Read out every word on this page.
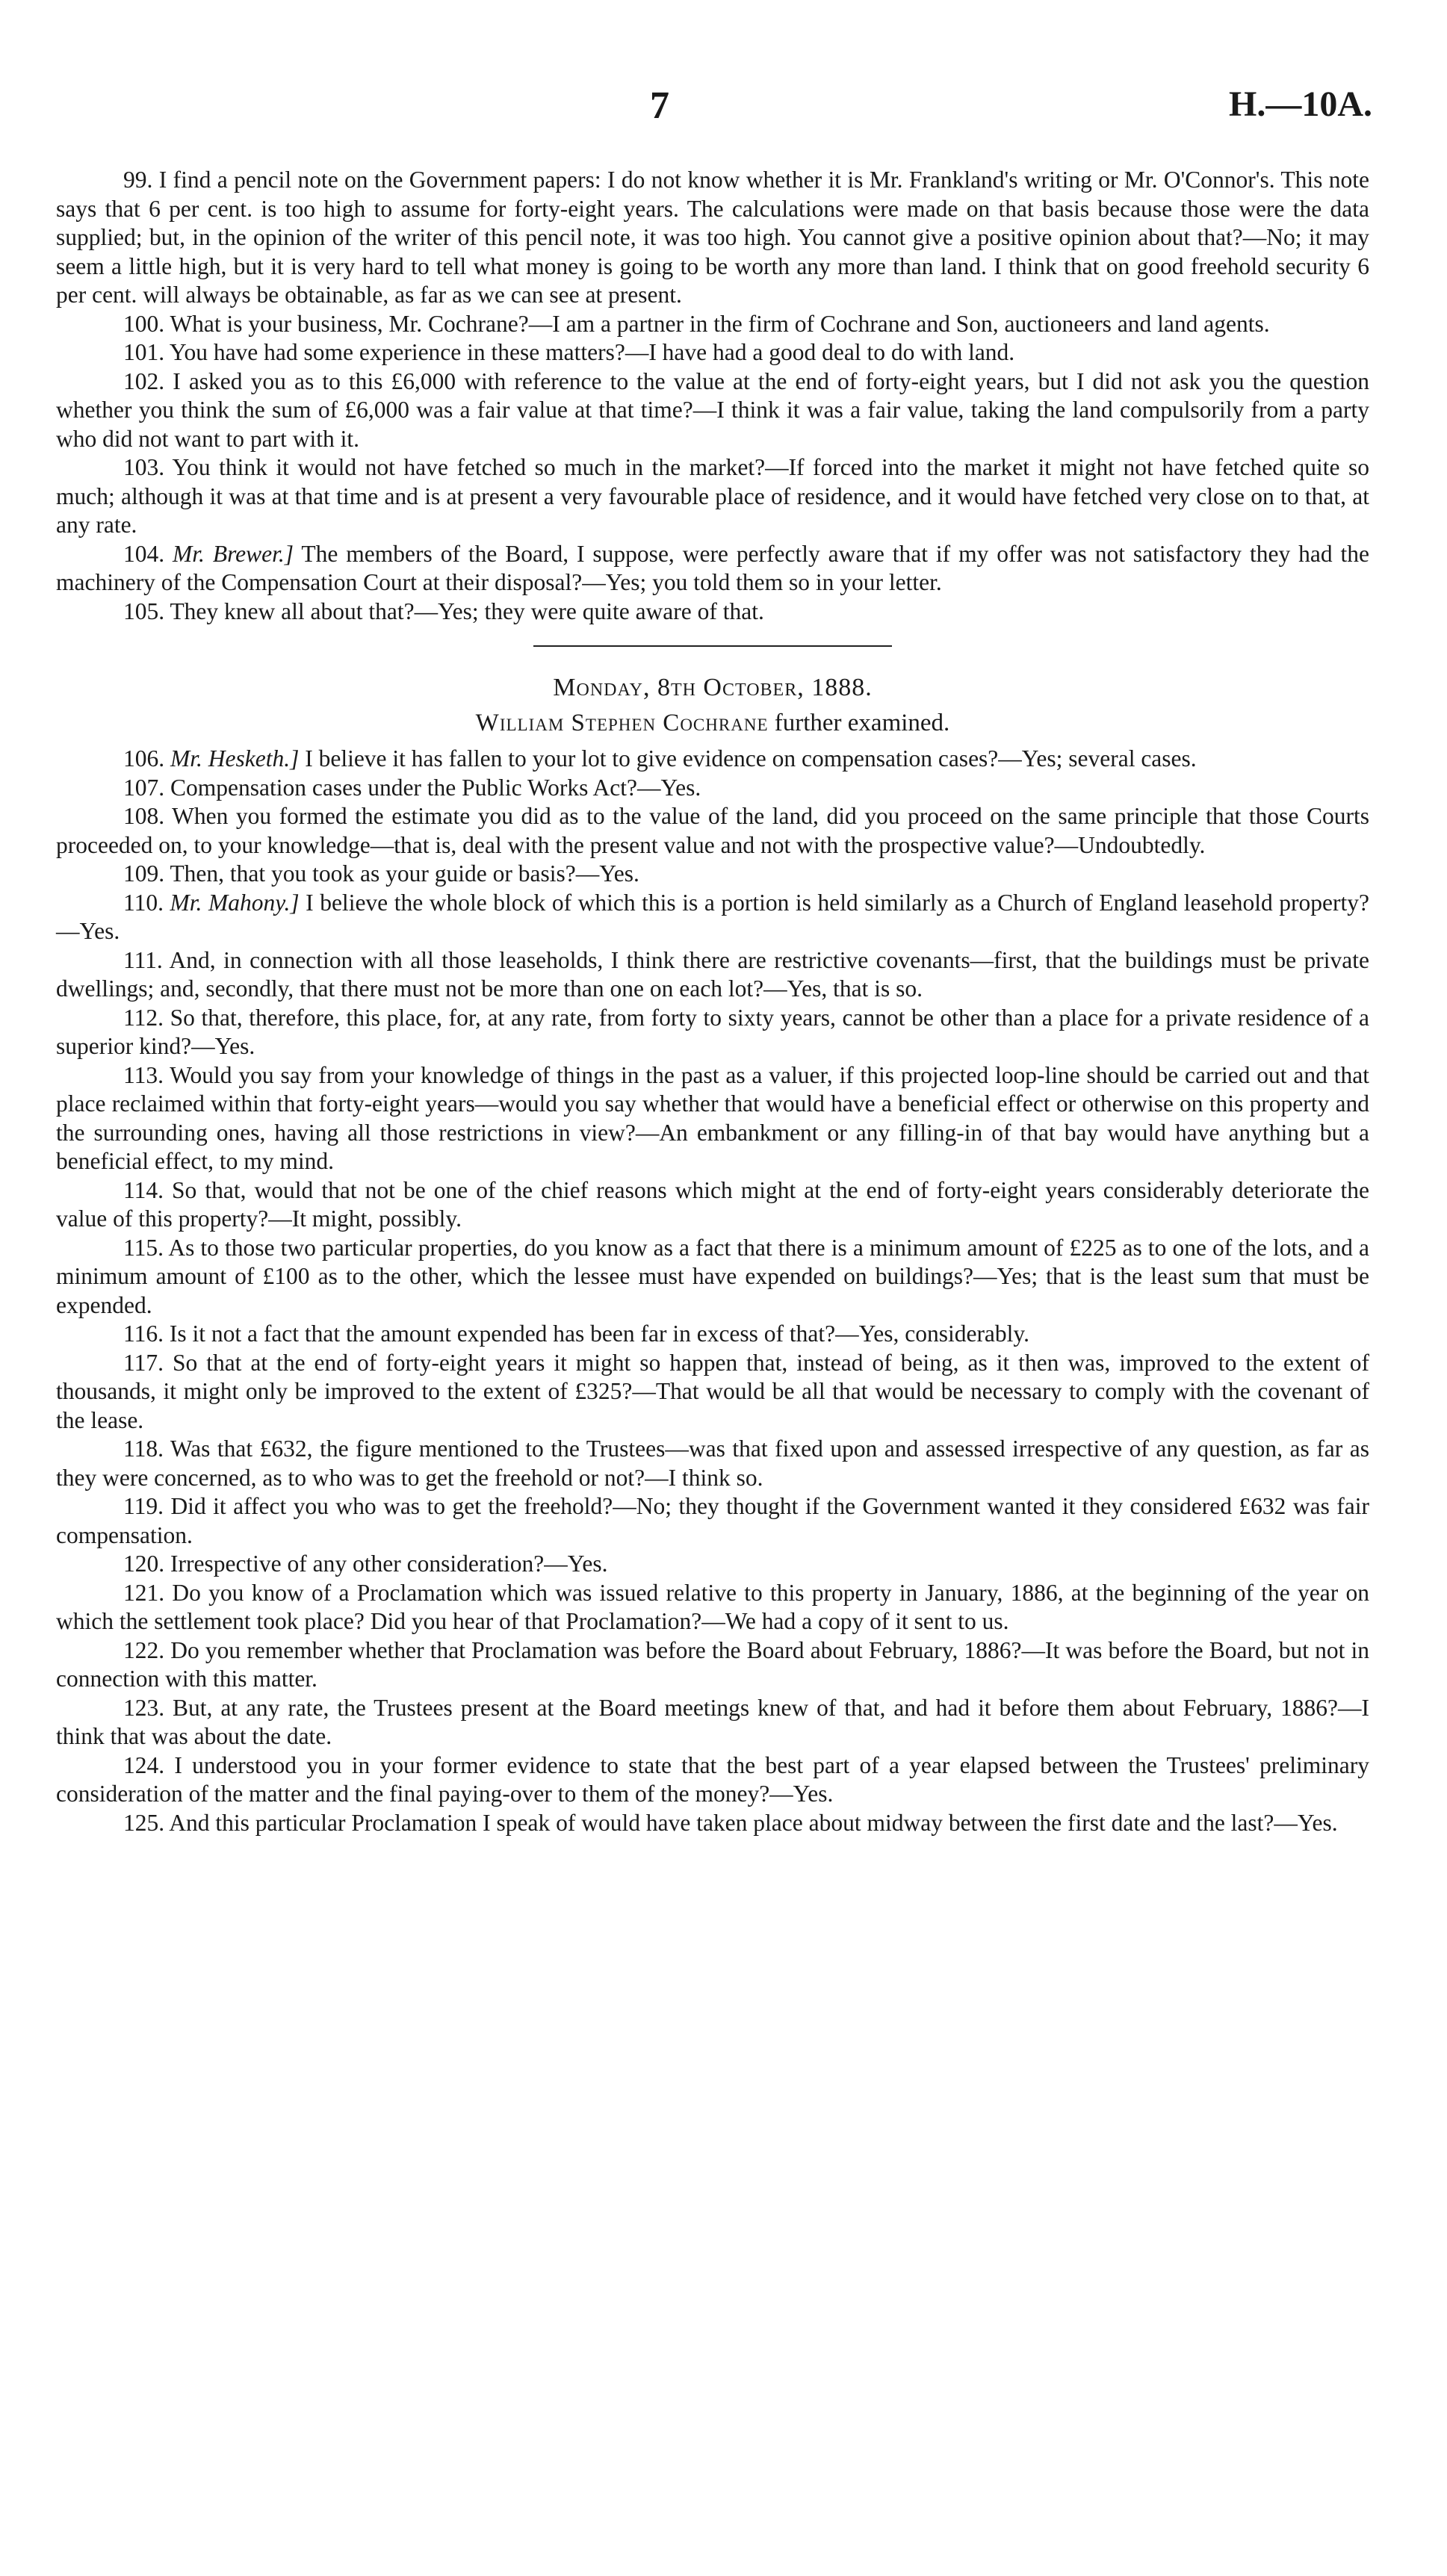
7	H.—10A.

99. I find a pencil note on the Government papers: I do not know whether it is Mr. Frankland's writing or Mr. O'Connor's. This note says that 6 per cent. is too high to assume for forty-eight years. The calculations were made on that basis because those were the data supplied; but, in the opinion of the writer of this pencil note, it was too high. You cannot give a positive opinion about that?—No; it may seem a little high, but it is very hard to tell what money is going to be worth any more than land. I think that on good freehold security 6 per cent. will always be obtainable, as far as we can see at present.

100. What is your business, Mr. Cochrane?—I am a partner in the firm of Cochrane and Son, auctioneers and land agents.

101. You have had some experience in these matters?—I have had a good deal to do with land.

102. I asked you as to this £6,000 with reference to the value at the end of forty-eight years, but I did not ask you the question whether you think the sum of £6,000 was a fair value at that time?—I think it was a fair value, taking the land compulsorily from a party who did not want to part with it.

103. You think it would not have fetched so much in the market?—If forced into the market it might not have fetched quite so much; although it was at that time and is at present a very favourable place of residence, and it would have fetched very close on to that, at any rate.

104. Mr. Brewer.] The members of the Board, I suppose, were perfectly aware that if my offer was not satisfactory they had the machinery of the Compensation Court at their disposal?—Yes; you told them so in your letter.

105. They knew all about that?—Yes; they were quite aware of that.

Monday, 8th October, 1888.

William Stephen Cochrane further examined.

106. Mr. Hesketh.] I believe it has fallen to your lot to give evidence on compensation cases?—Yes; several cases.

107. Compensation cases under the Public Works Act?—Yes.

108. When you formed the estimate you did as to the value of the land, did you proceed on the same principle that those Courts proceeded on, to your knowledge—that is, deal with the present value and not with the prospective value?—Undoubtedly.

109. Then, that you took as your guide or basis?—Yes.

110. Mr. Mahony.] I believe the whole block of which this is a portion is held similarly as a Church of England leasehold property?—Yes.

111. And, in connection with all those leaseholds, I think there are restrictive covenants—first, that the buildings must be private dwellings; and, secondly, that there must not be more than one on each lot?—Yes, that is so.

112. So that, therefore, this place, for, at any rate, from forty to sixty years, cannot be other than a place for a private residence of a superior kind?—Yes.

113. Would you say from your knowledge of things in the past as a valuer, if this projected loop-line should be carried out and that place reclaimed within that forty-eight years—would you say whether that would have a beneficial effect or otherwise on this property and the surrounding ones, having all those restrictions in view?—An embankment or any filling-in of that bay would have anything but a beneficial effect, to my mind.

114. So that, would that not be one of the chief reasons which might at the end of forty-eight years considerably deteriorate the value of this property?—It might, possibly.

115. As to those two particular properties, do you know as a fact that there is a minimum amount of £225 as to one of the lots, and a minimum amount of £100 as to the other, which the lessee must have expended on buildings?—Yes; that is the least sum that must be expended.

116. Is it not a fact that the amount expended has been far in excess of that?—Yes, considerably.

117. So that at the end of forty-eight years it might so happen that, instead of being, as it then was, improved to the extent of thousands, it might only be improved to the extent of £325?—That would be all that would be necessary to comply with the covenant of the lease.

118. Was that £632, the figure mentioned to the Trustees—was that fixed upon and assessed irrespective of any question, as far as they were concerned, as to who was to get the freehold or not?—I think so.

119. Did it affect you who was to get the freehold?—No; they thought if the Government wanted it they considered £632 was fair compensation.

120. Irrespective of any other consideration?—Yes.

121. Do you know of a Proclamation which was issued relative to this property in January, 1886, at the beginning of the year on which the settlement took place? Did you hear of that Proclamation?—We had a copy of it sent to us.

122. Do you remember whether that Proclamation was before the Board about February, 1886?—It was before the Board, but not in connection with this matter.

123. But, at any rate, the Trustees present at the Board meetings knew of that, and had it before them about February, 1886?—I think that was about the date.

124. I understood you in your former evidence to state that the best part of a year elapsed between the Trustees' preliminary consideration of the matter and the final paying-over to them of the money?—Yes.

125. And this particular Proclamation I speak of would have taken place about midway between the first date and the last?—Yes.
